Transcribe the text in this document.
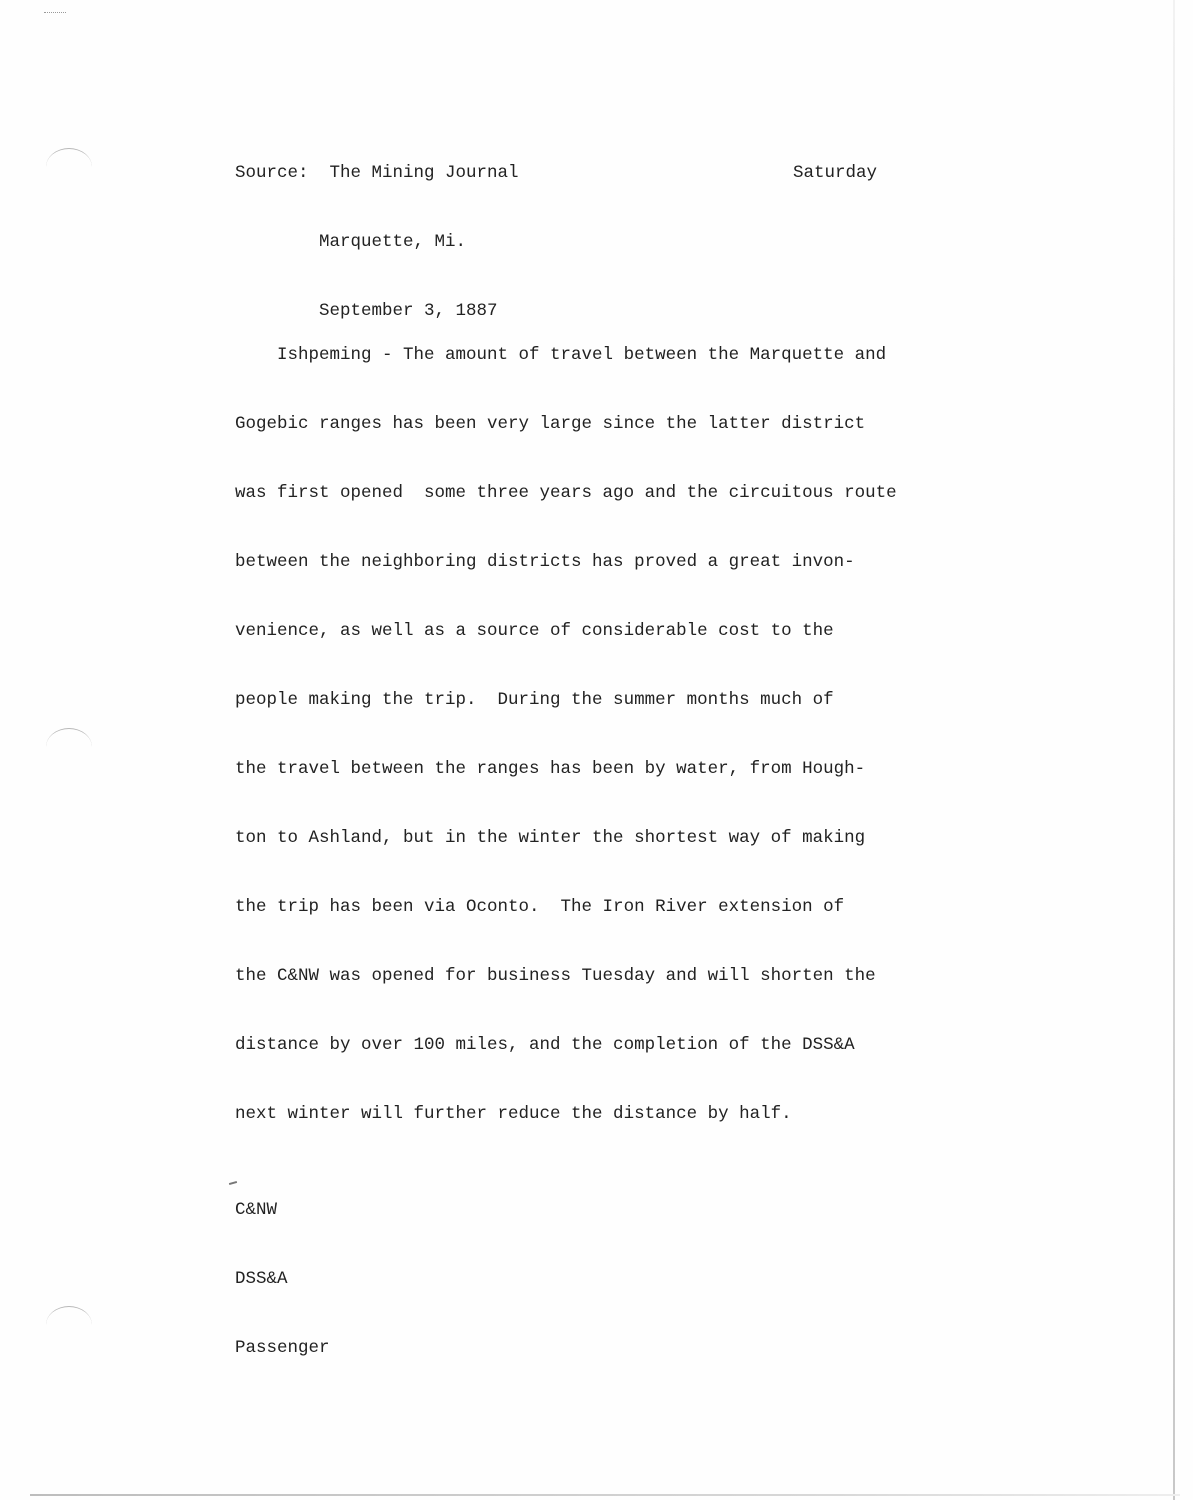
Source: The Mining Journal

Marquette, Mi.

September 3, 1887

Saturday

Ishpeming - The amount of travel between the Marquette and

Gogebic ranges has been very large since the latter district

was first opened  some three years ago and the circuitous route

between the neighboring districts has proved a great invon-

venience, as well as a source of considerable cost to the

people making the trip.  During the summer months much of

the travel between the ranges has been by water, from Hough-

ton to Ashland, but in the winter the shortest way of making

the trip has been via Oconto.  The Iron River extension of

the C&NW was opened for business Tuesday and will shorten the

distance by over 100 miles, and the completion of the DSS&A

next winter will further reduce the distance by half.

C&NW

DSS&A

Passenger
